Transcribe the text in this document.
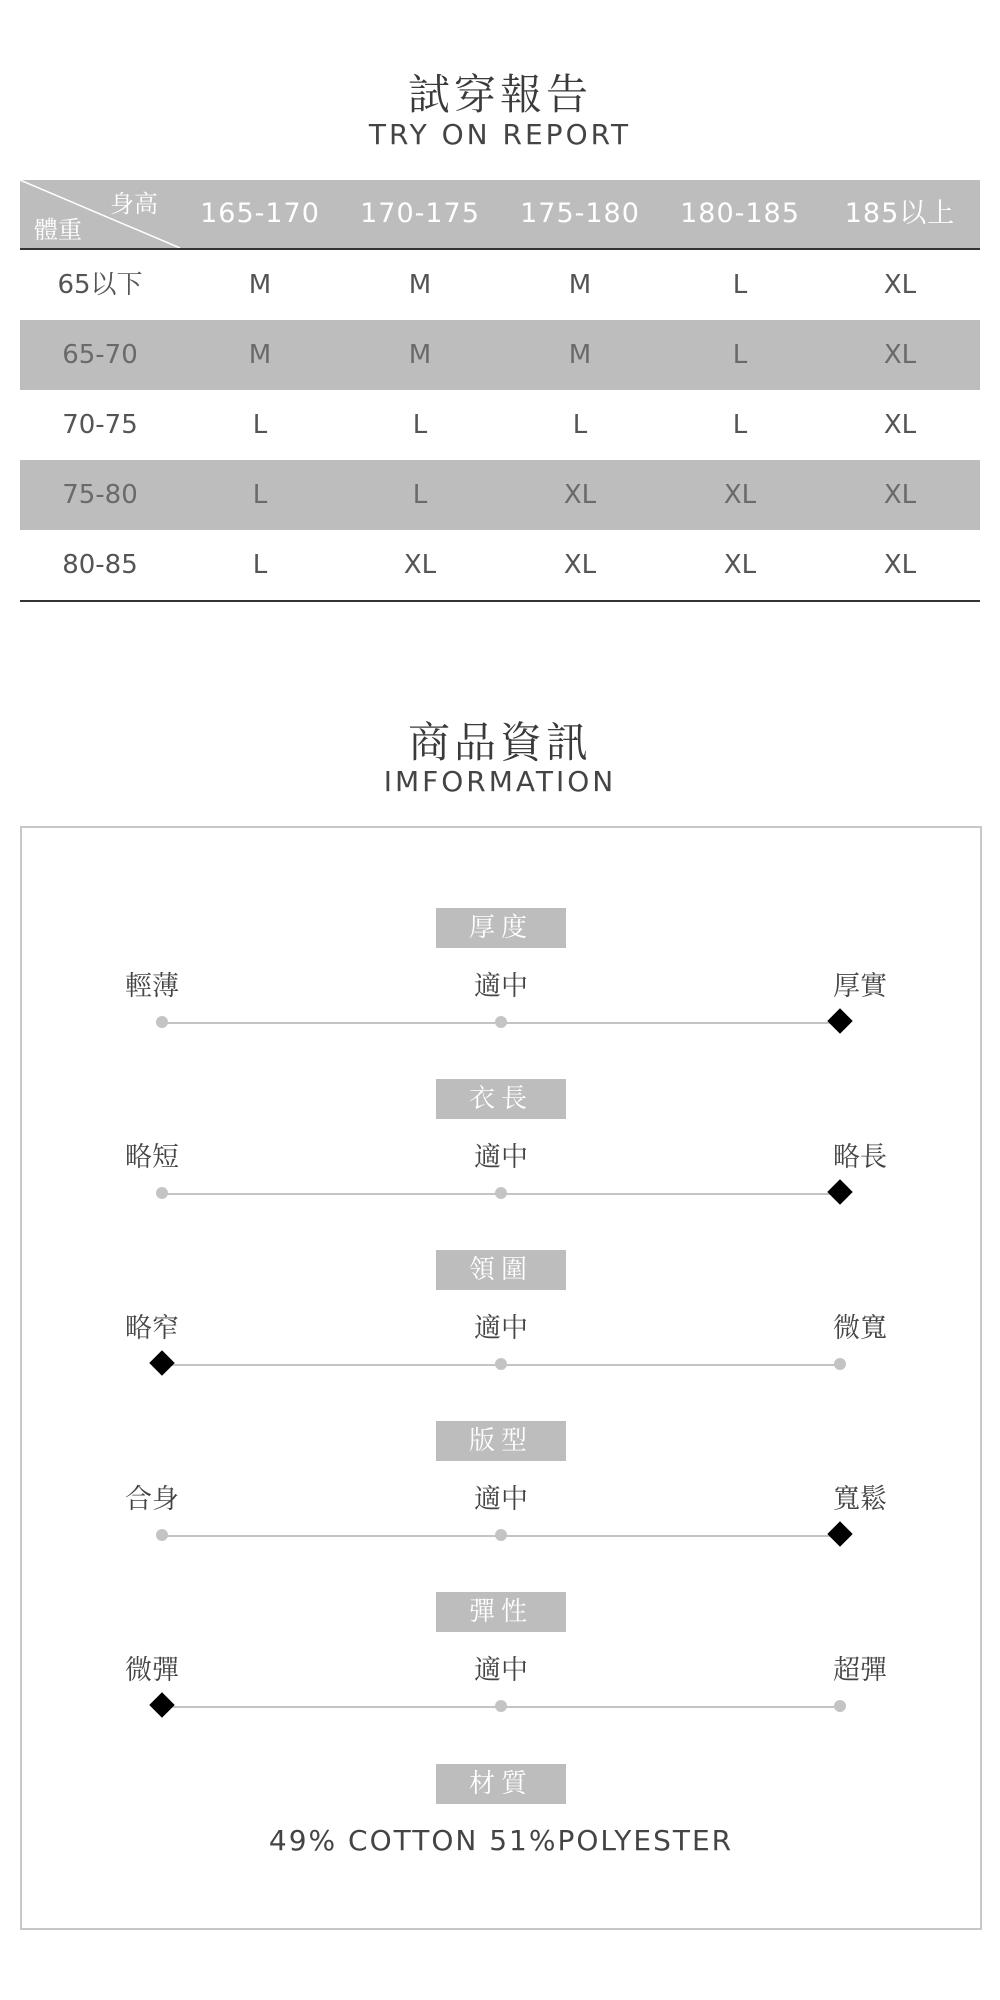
試穿報告
TRY ON REPORT
身高
體重
165-170	170-175	175-180	180-185	185以上
65以下	M	M	M	L	XL
65-70	M	M	M	L	XL
70-75	L	L	L	L	XL
75-80	L	L	XL	XL	XL
80-85	L	XL	XL	XL	XL
商品資訊
IMFORMATION
厚度
輕薄	適中	厚實
衣長
略短	適中	略長
領圍
略窄	適中	微寬
版型
合身	適中	寬鬆
彈性
微彈	適中	超彈
材質
49% COTTON 51%POLYESTER
